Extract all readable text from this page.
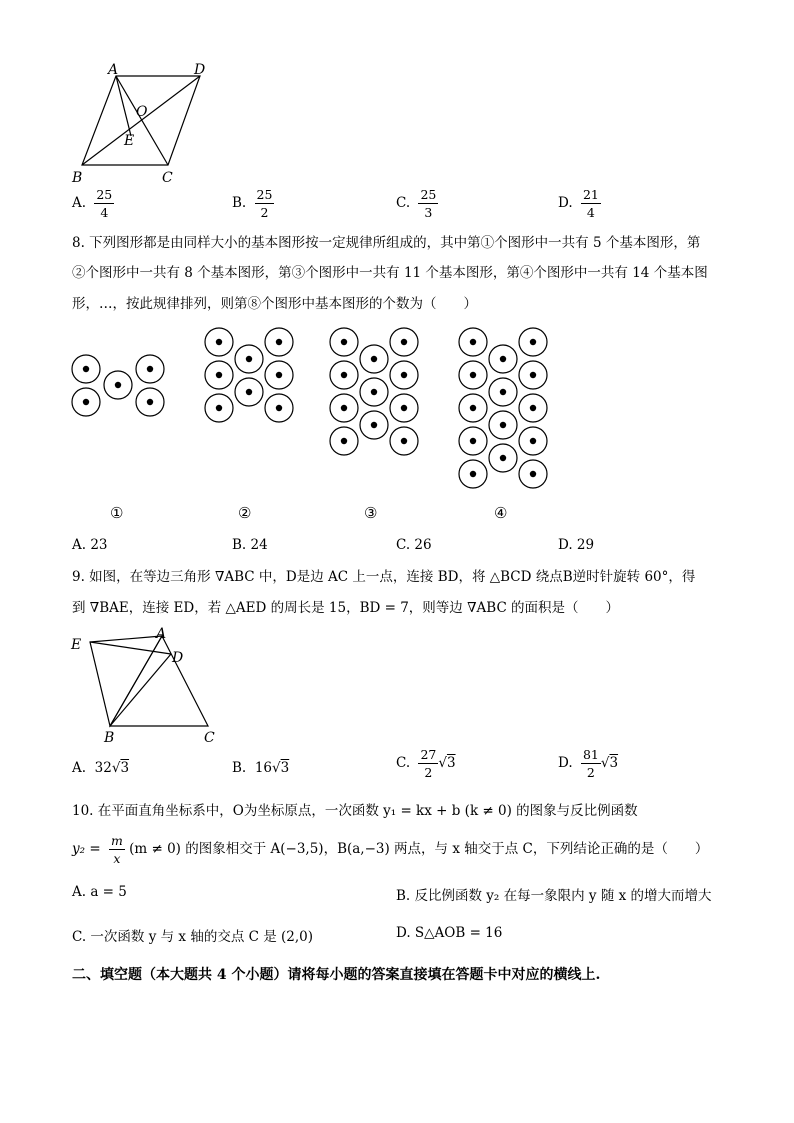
A	D
O
E
B	C
A. $\frac{25}{4}$	B. $\frac{25}{2}$	C. $\frac{25}{3}$	D. $\frac{21}{4}$
8. 下列图形都是由同样大小的基本图形按一定规律所组成的，其中第①个图形中一共有 5 个基本图形，第
②个图形中一共有 8 个基本图形，第③个图形中一共有 11 个基本图形，第④个图形中一共有 14 个基本图
形，…，按此规律排列，则第⑧个图形中基本图形的个数为（　　）
①	②	③	④
A. 23	B. 24	C. 26	D. 29
9. 如图，在等边三角形 ∇ABC 中，D是边 AC 上一点，连接 BD，将 △BCD 绕点B逆时针旋转 60°，得
到 ∇BAE，连接 ED，若 △AED 的周长是 15，BD = 7，则等边 ∇ABC 的面积是（　　）
E
A
D
B	C
A. 32√3	B. 16√3	C. $\frac{27}{2} √3$	D. $\frac{81}{2} √3$
10. 在平面直角坐标系中，O为坐标原点，一次函数 y₁ = kx + b (k ≠ 0) 的图象与反比例函数
$y_2 = \frac{m}{x} (m \ne 0)$ 的图象相交于 A(−3,5)，B(a,−3) 两点，与 x 轴交于点 C，下列结论正确的是（　　）
A. a = 5	B. 反比例函数 y₂ 在每一象限内 y 随 x 的增大而增大
C. 一次函数 y 与 x 轴的交点 C 是 (2,0)	D. S△AOB = 16
二、填空题（本大题共 4 个小题）请将每小题的答案直接填在答题卡中对应的横线上.
